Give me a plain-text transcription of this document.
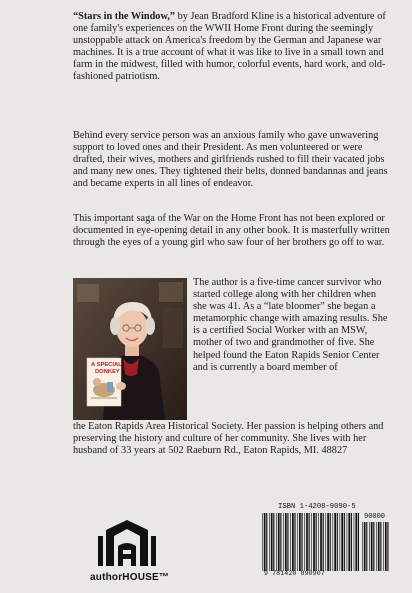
“Stars in the Window,” by Jean Bradford Kline is a historical adventure of one family's experiences on the WWII Home Front during the seemingly unstoppable attack on America's freedom by the German and Japanese war machines. It is a true account of what it was like to live in a small town and farm in the midwest, filled with humor, colorful events, hard work, and old-fashioned patriotism.

Behind every service person was an anxious family who gave unwavering support to loved ones and their President. As men volunteered or were drafted, their wives, mothers and girlfriends rushed to fill their vacated jobs and many new ones. They tightened their belts, donned bandannas and jeans and became experts in all lines of endeavor.

This important saga of the War on the Home Front has not been explored or documented in eye-opening detail in any other book. It is masterfully written through the eyes of a young girl who saw four of her brothers go off to war.

The author is a five-time cancer survivor who started college along with her children when she was 41. As a “late bloomer” she began a metamorphic change with amazing results. She is a certified Social Worker with an MSW, mother of two and grandmother of five. She helped found the Eaton Rapids Senior Center and is currently a board member of

the Eaton Rapids Area Historical Society. Her passion is helping others and preserving the history and culture of her community. She lives with her husband of 33 years at 502 Raeburn Rd., Eaton Rapids, MI. 48827

A SPECIAL
DONKEY
authorHOUSE™
ISBN 1-4208-9090-5
90000
9 781420 890907
